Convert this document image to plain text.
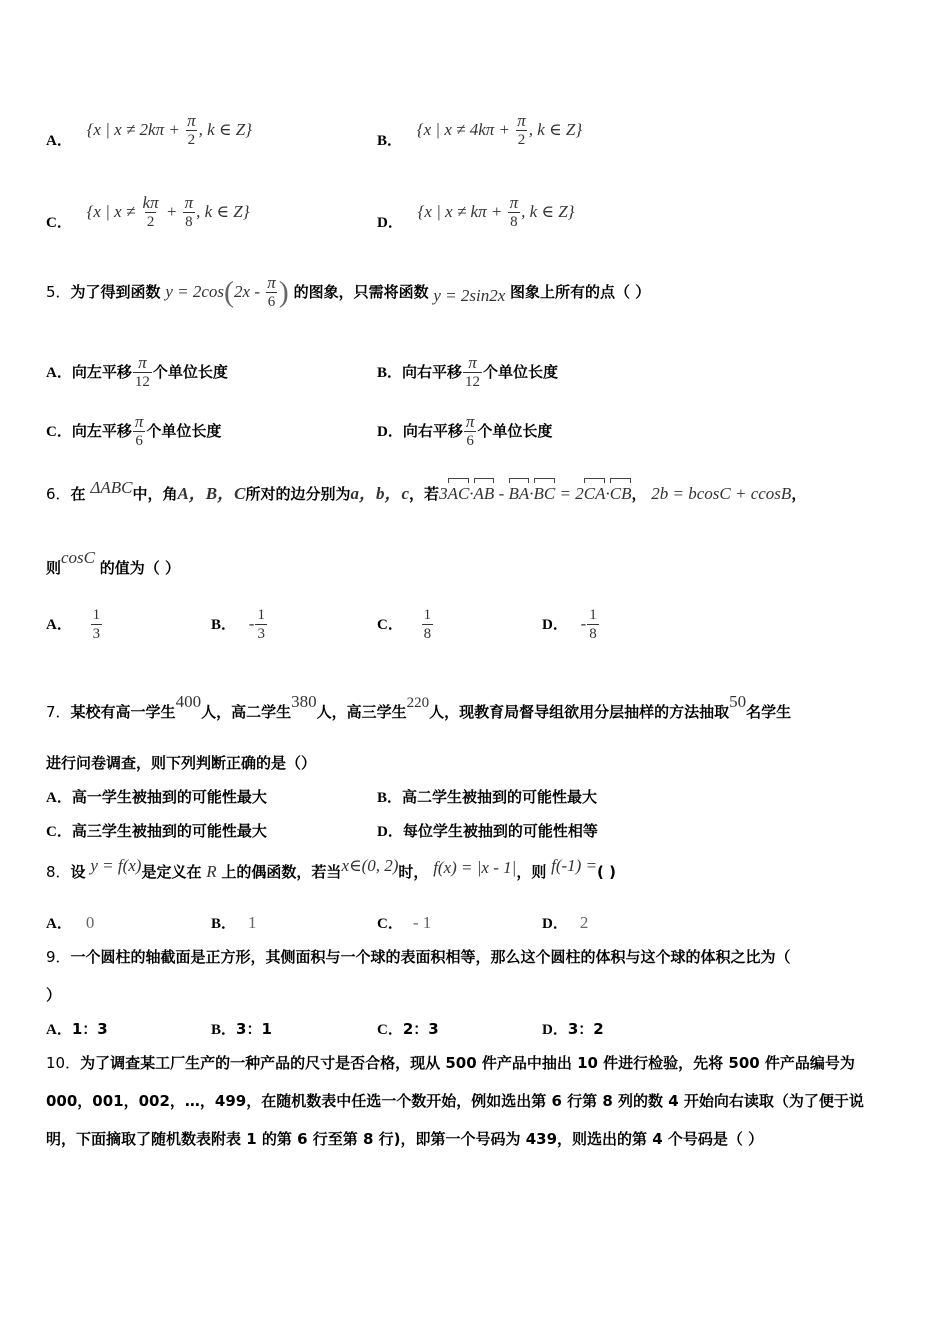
A． {x | $x \ne 2k\pi + \frac{\pi}{2}$ , k ∈ Z}
B． {x | $x \ne 4k\pi + \frac{\pi}{2}$ , k ∈ Z}
C． {x | $x \ne \frac{k\pi}{2} + \frac{\pi}{8}$ , k ∈ Z}
D． {x | $x \ne k\pi + \frac{\pi}{8}$ , k ∈ Z}
5．为了得到函数 $y = 2\cos(2x - \frac{\pi}{6}$ ) 的图象，只需将函数 y = 2sin2x 图象上所有的点（ ）
A．向左平移 $\frac{\pi}{12}$ 个单位长度	B．向右平移 $\frac{\pi}{12}$ 个单位长度
C．向左平移 $\frac{\pi}{6}$ 个单位长度	D．向右平移 $\frac{\pi}{6}$ 个单位长度
6．在 ΔABC中，角A，B，C所对的边分别为a，b，c，若3AC·AB - BA·BC = 2CA·CB， 2b = bcosC + ccosB，
则cosC 的值为（ ）
A． $\frac{1}{3}$	B． - $\frac{1}{3}$	C． $\frac{1}{8}$	D． - $\frac{1}{8}$
7．某校有高一学生400人，高二学生380人，高三学生220人，现教育局督导组欲用分层抽样的方法抽取50名学生
进行问卷调查，则下列判断正确的是（）
A．高一学生被抽到的可能性最大	B．高二学生被抽到的可能性最大
C．高三学生被抽到的可能性最大	D．每位学生被抽到的可能性相等
8．设 y = f(x)是定义在 R 上的偶函数，若当x∈(0, 2)时， f(x) = |x - 1|，则 f(-1) =( )
A． 0	B． 1	C． - 1	D． 2
9．一个圆柱的轴截面是正方形，其侧面积与一个球的表面积相等，那么这个圆柱的体积与这个球的体积之比为（
）
A．1：3	B．3：1	C．2：3	D．3：2
10．为了调查某工厂生产的一种产品的尺寸是否合格，现从 500 件产品中抽出 10 件进行检验，先将 500 件产品编号为
000，001，002，…，499，在随机数表中任选一个数开始，例如选出第 6 行第 8 列的数 4 开始向右读取（为了便于说
明，下面摘取了随机数表附表 1 的第 6 行至第 8 行)，即第一个号码为 439，则选出的第 4 个号码是（ ）
